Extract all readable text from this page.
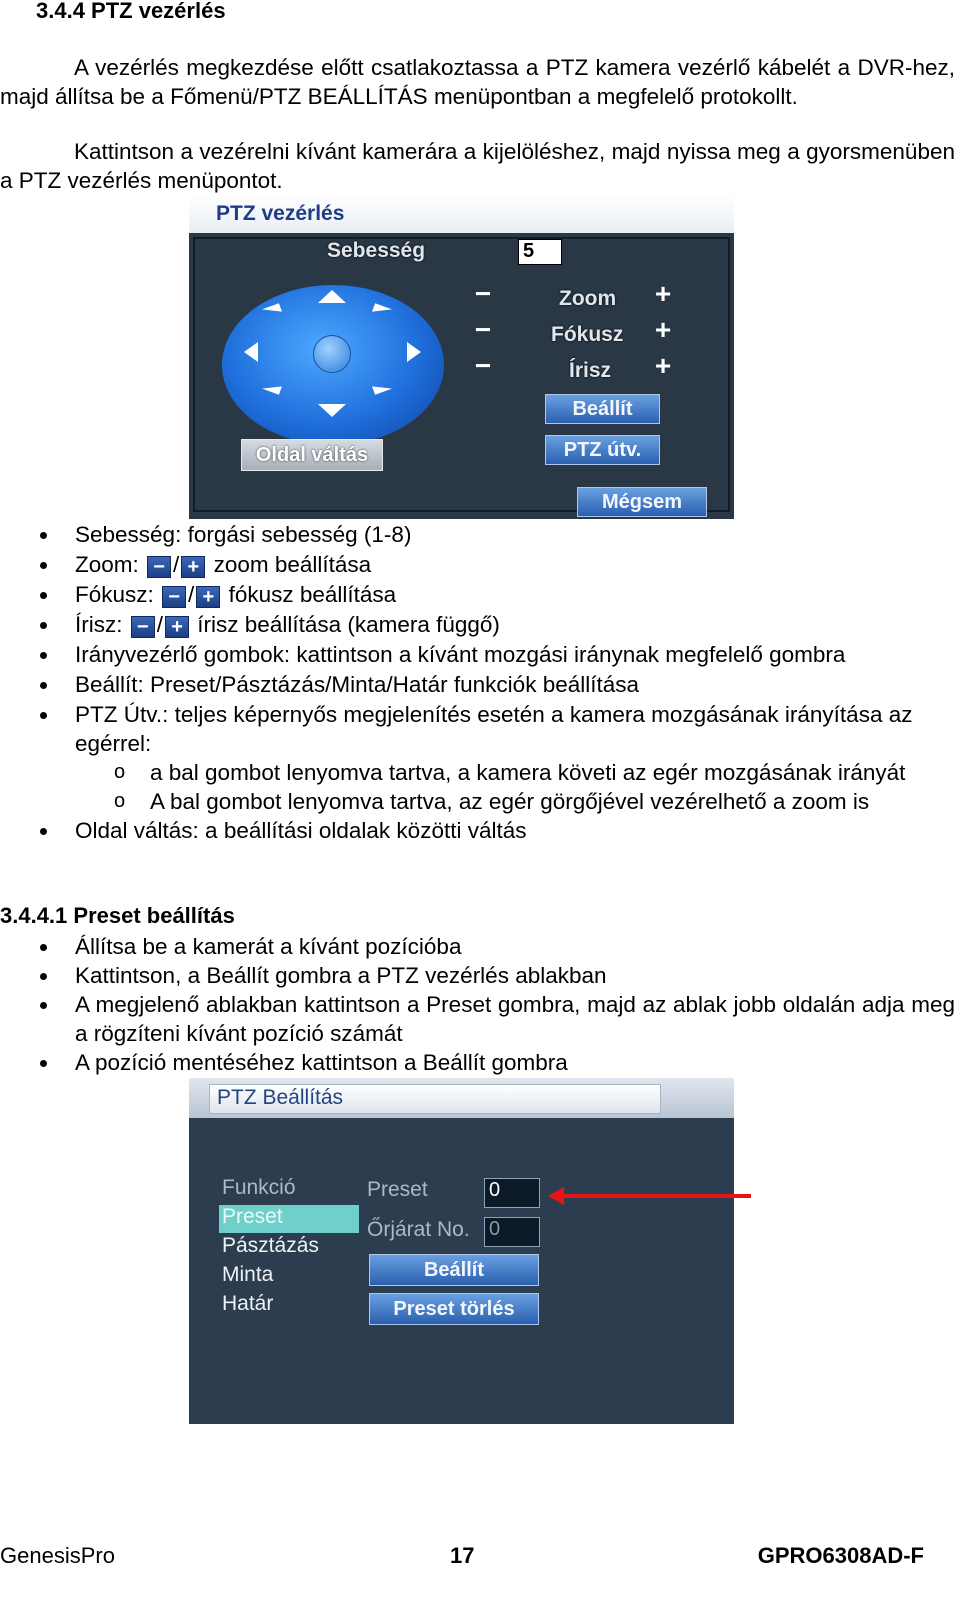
3.4.4 PTZ vezérlés

A vezérlés megkezdése előtt csatlakoztassa a PTZ kamera vezérlő kábelét a DVR-hez, majd állítsa be a Főmenü/PTZ BEÁLLÍTÁS menüpontban a megfelelő protokollt.

Kattintson a vezérelni kívánt kamerára a kijelöléshez, majd nyissa meg a gyorsmenüben a PTZ vezérlés menüpontot.

PTZ vezérlés
Sebesség	5
−	Zoom +
−	Fókusz +
−	Írisz +
Beállít
PTZ útv.
Oldal váltás
Mégsem
Sebesség: forgási sebesség (1-8)
Zoom: − / + zoom beállítása
Fókusz: − / + fókusz beállítása
Írisz: − / + írisz beállítása (kamera függő)
Irányvezérlő gombok: kattintson a kívánt mozgási iránynak megfelelő gombra
Beállít: Preset/Pásztázás/Minta/Határ funkciók beállítása
PTZ Útv.: teljes képernyős megjelenítés esetén a kamera mozgásának irányítása az egérrel:
o a bal gombot lenyomva tartva, a kamera követi az egér mozgásának irányát
o A bal gombot lenyomva tartva, az egér görgőjével vezérelhető a zoom is
Oldal váltás: a beállítási oldalak közötti váltás
3.4.4.1 Preset beállítás
Állítsa be a kamerát a kívánt pozícióba
Kattintson, a Beállít gombra a PTZ vezérlés ablakban
A megjelenő ablakban kattintson a Preset gombra, majd az ablak jobb oldalán adja meg a rögzíteni kívánt pozíció számát
A pozíció mentéséhez kattintson a Beállít gombra
PTZ Beállítás
Funkció
Preset
Pásztázás
Minta
Határ
Preset	0
Őrjárat No. 0
Beállít
Preset törlés
GenesisPro	17	GPRO6308AD-F
